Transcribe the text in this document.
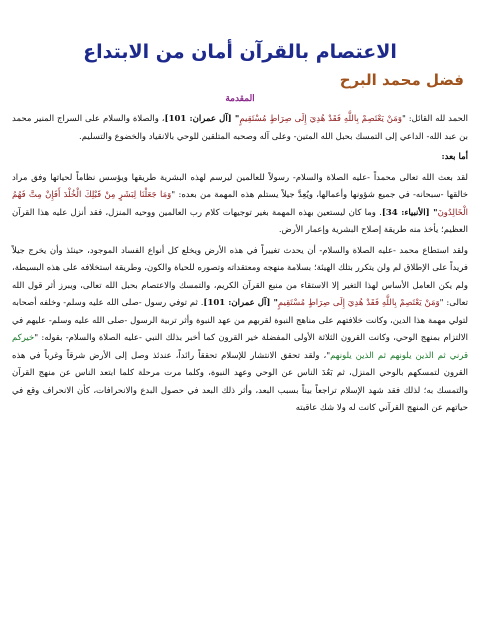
الاعتصام بالقرآن أمان من الابتداع
فضل محمد البرح
المقدمة

الحمد لله القائل: "وَمَنْ يَعْتَصِمْ بِاللَّهِ فَقَدْ هُدِيَ إِلَى صِرَاطٍ مُسْتَقِيمٍ" [آل عمران: 101]، والصلاة والسلام على السراج المنير محمد بن عبد الله- الداعي إلى التمسك بحبل الله المتين- وعلى آله وصحبه المتلقين للوحي بالانقياد والخضوع والتسليم.

أما بعد:

لقد بعث الله تعالى محمداً -عليه الصلاة والسلام- رسولاً للعالمين ليرسم لهذه البشرية طريقها ويؤسس نظاماً لحياتها وفق مراد خالقها -سبحانه- في جميع شؤونها وأعمالها، ويُعِدَّ جيلاً يستلم هذه المهمة من بعده: "وَمَا جَعَلْنَا لِبَشَرٍ مِنْ قَبْلِكَ الْخُلْدَ أَفَإِنْ مِتَّ فَهُمُ الْخَالِدُونَ" [الأنبياء: 34]. وما كان ليستعين بهذه المهمة بغير توجيهات كلام رب العالمين ووحيه المنزل، فقد أنزل عليه هذا القرآن العظيم؛ يأخذ منه طريقة إصلاح البشرية وإعمار الأرض.

ولقد استطاع محمد -عليه الصلاة والسلام- أن يحدث تغييراً في هذه الأرض ويخلع كل أنواع الفساد الموجود، حينئذ وأن يخرج جيلاً فريداً على الإطلاق لم ولن يتكرر بتلك الهيئة؛ بسلامة منهجه ومعتقداته وتصوره للحياة والكون، وطريقة استخلافه على هذه البسيطة، ولم يكن العامل الأساس لهذا التغير إلا الاستقاء من منبع القرآن الكريم، والتمسك والاعتصام بحبل الله تعالى، ويبرز أثر قول الله تعالى: "وَمَنْ يَعْتَصِمْ بِاللَّهِ فَقَدْ هُدِيَ إِلَى صِرَاطٍ مُسْتَقِيمٍ" [آل عمران: 101]. ثم توفي رسول -صلى الله عليه وسلم- وخلفه أصحابه لتولي مهمة هذا الدين، وكانت خلافتهم على مناهج النبوة لقربهم من عهد النبوة وأثر تربية الرسول -صلى الله عليه وسلم- عليهم في الالتزام بمنهج الوحي، وكانت القرون الثلاثة الأولى المفضلة خير القرون كما أخبر بذلك النبي -عليه الصلاة والسلام- بقوله: "خيركم قرني ثم الذين يلونهم ثم الذين يلونهم"، ولقد تحقق الانتشار للإسلام تحققاً رائداً، عندئذ وصل إلى الأرض شرقاً وغرباً في هذه القرون لتمسكهم بالوحي المنزل، ثم بَعُدَ الناس عن الوحي وعهد النبوة، وكلما مرت مرحلة كلما ابتعد الناس عن منهج القرآن والتمسك به؛ لذلك فقد شهد الإسلام تراجعاً بيناً بسبب البعد، وأثر ذلك البعد في حصول البدع والانحرافات، كأن الانحراف وقع في حياتهم عن المنهج القرآني كانت له ولا شك عاقبته
